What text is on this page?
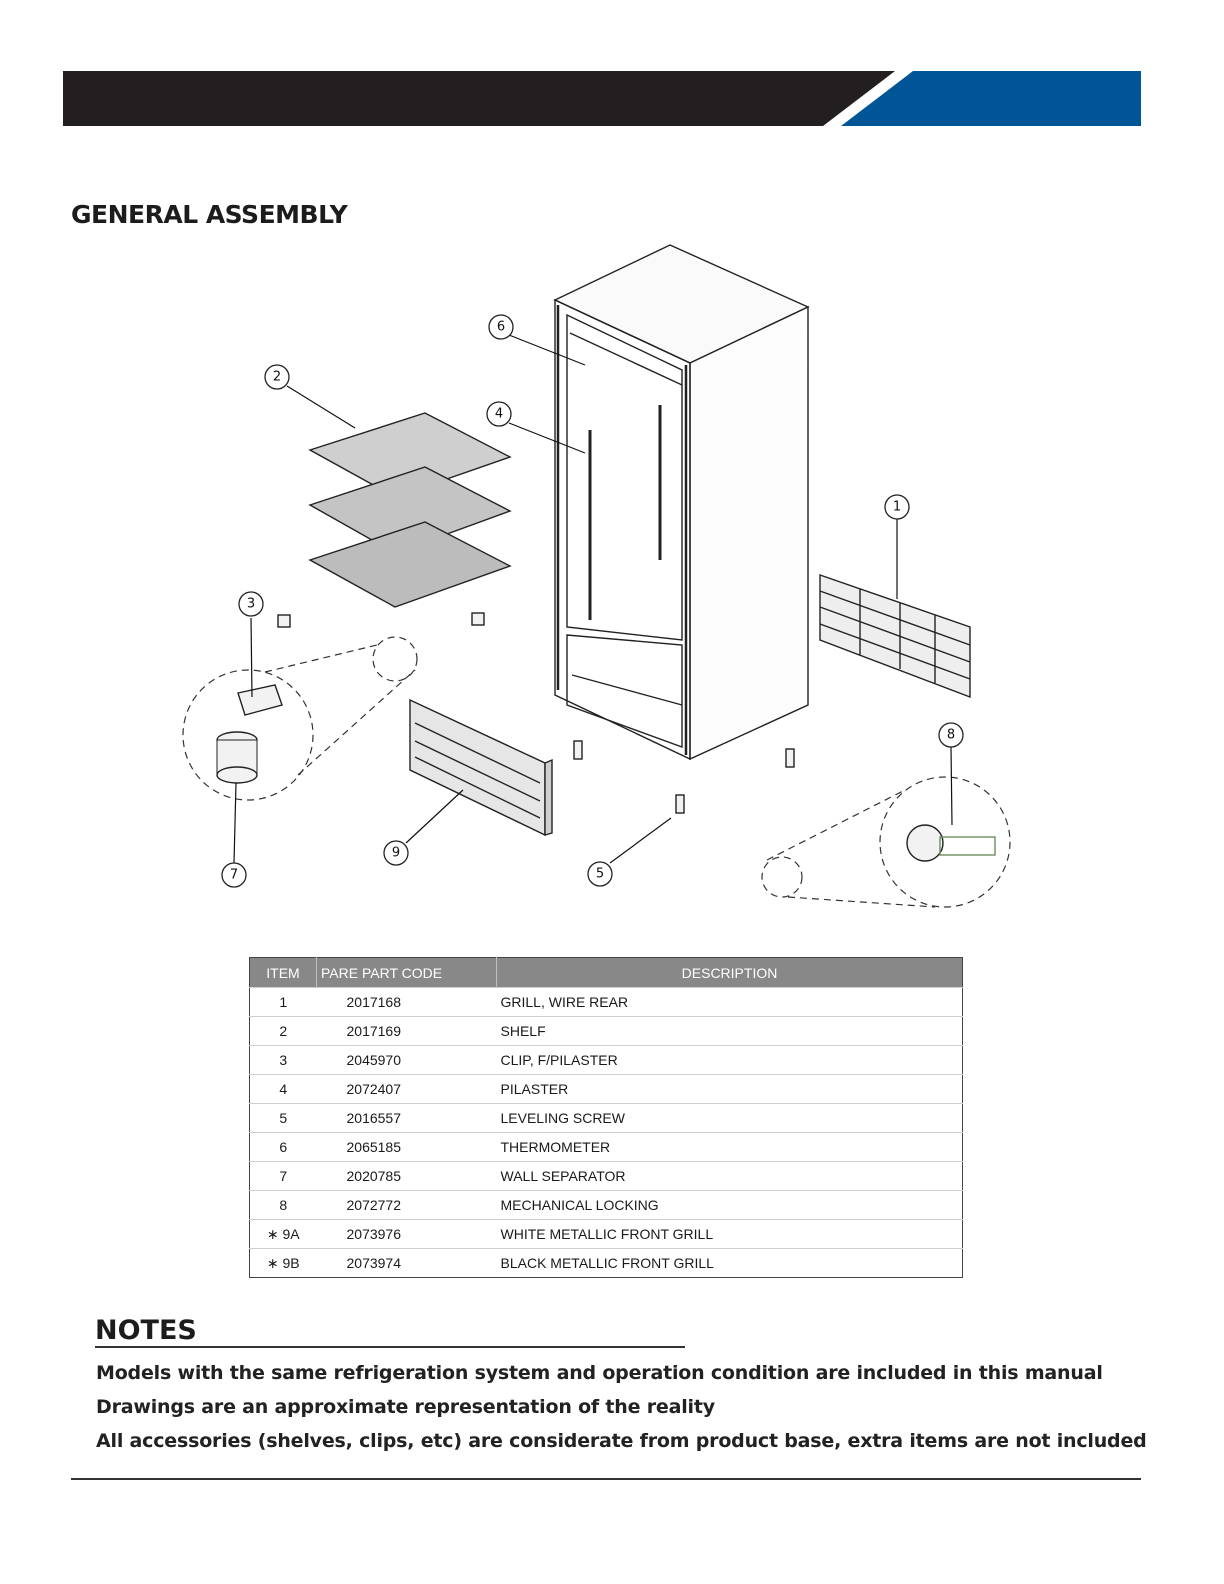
GENERAL ASSEMBLY
2
6
4
1
3
8
9
7	5
ITEM	PARE PART CODE	DESCRIPTION
1	2017168	GRILL, WIRE REAR
2	2017169	SHELF
3	2045970	CLIP, F/PILASTER
4	2072407	PILASTER
5	2016557	LEVELING SCREW
6	2065185	THERMOMETER
7	2020785	WALL SEPARATOR
8	2072772	MECHANICAL LOCKING
∗ 9A	2073976	WHITE METALLIC FRONT GRILL
∗ 9B	2073974	BLACK METALLIC FRONT GRILL
NOTES
Models with the same refrigeration system and operation condition are included in this manual
Drawings are an approximate representation of the reality
All accessories (shelves, clips, etc) are considerate from product base, extra items are not included
